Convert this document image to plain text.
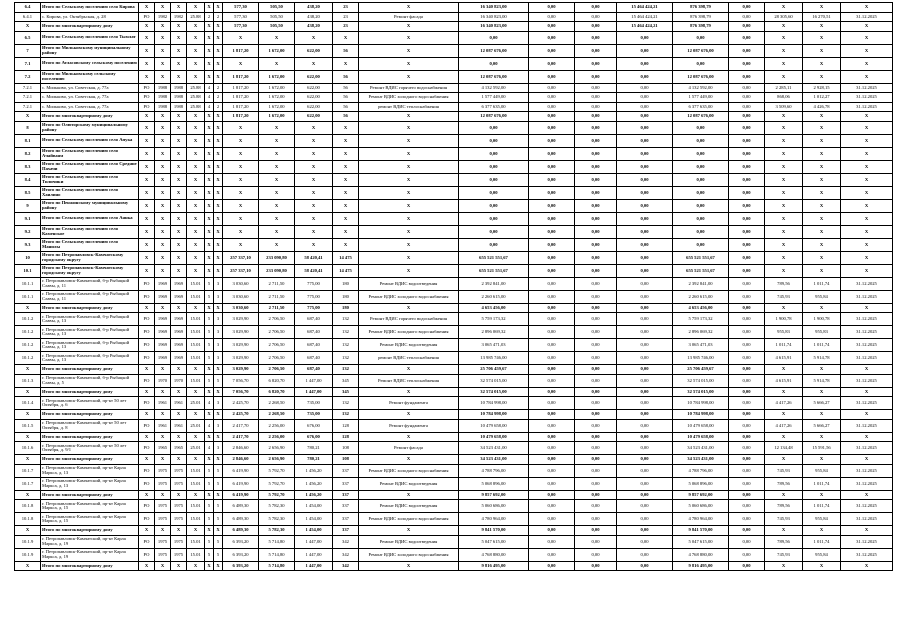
6.4	Итого по Сельскому поселению село Кирова	X	X	X	X	X	X	577,30	505,50	438,20	23	X	16 340 823,00	0,00	0,00	15 464 424,21	876 398,79	0,00	X	X	X
6.4.1	с. Кирова, ул. Октябрьская, д. 28	РО	1982	1982	25.88	2	2	577,30	505,50	438,20	23	Ремонт фасада	16 340 823,00	0,00	0,00	15 464 424,21	876 398,79	0,00	28 305,60	16 270,51	31.12.2025
X	Итого по многоквартирному дому	X	X	X	X	X	X	577,30	505,50	438,20	23	X	16 340 823,00	0,00	0,00	15 464 424,21	876 398,79	0,00	X	X	X
6.5	Итого по Сельскому поселению село Тымлат	X	X	X	X	X	X	X	X	X	X	X	0,00	0,00	0,00	0,00	0,00	0,00	X	X	X
7	Итого по Мильковскому муниципальному району	X	X	X	X	X	X	1 817,20	1 672,00	622,00	56	X	12 087 676,00	0,00	0,00	0,00	12 087 676,00	0,00	X	X	X
7.1	Итого по Атласовскому сельскому поселению	X	X	X	X	X	X	X	X	X	X	X	0,00	0,00	0,00	0,00	0,00	0,00	X	X	X
7.2	Итого по Мильковскому сельскому поселению	X	X	X	X	X	X	1 817,20	1 672,00	622,00	56	X	12 087 676,00	0,00	0,00	0,00	12 087 676,00	0,00	X	X	X
7.2.1	с. Мильково, ул. Советская, д. 77а	РО	1988	1988	25.88	4	2	1 817,20	1 672,00	622,00	56	Ремонт ВДИС горячего водоснабжения	4 132 592,00	0,00	0,00	0,00	4 132 592,00	0,00	2 285,11	2 928,15	31.12.2025
7.2.1	с. Мильково, ул. Советская, д. 77а	РО	1988	1988	25.88	4	2	1 817,20	1 672,00	622,00	56	Ремонт ВДИС холодного водоснабжения	1 577 449,00	0,00	0,00	0,00	1 577 449,00	0,00	868,06	1 012,27	31.12.2025
7.2.1	с. Мильково, ул. Советская, д. 77а	РО	1988	1988	25.88	4	2	1 817,20	1 672,00	622,00	56	ремонт ВДИС теплоснабжения	6 377 635,00	0,00	0,00	0,00	6 377 635,00	0,00	3 509,60	4 426,78	31.12.2025
X	Итого по многоквартирному дому	X	X	X	X	X	X	1 817,20	1 672,00	622,00	56	X	12 087 676,00	0,00	0,00	0,00	12 087 676,00	0,00	X	X	X
8	Итого по Олюторскому муниципальному району	X	X	X	X	X	X	X	X	X	X	X	0,00	0,00	0,00	0,00	0,00	0,00	X	X	X
8.1	Итого по Сельскому поселению село Апука	X	X	X	X	X	X	X	X	X	X	X	0,00	0,00	0,00	0,00	0,00	0,00	X	X	X
8.2	Итого по Сельскому поселению село Ачайваям	X	X	X	X	X	X	X	X	X	X	X	0,00	0,00	0,00	0,00	0,00	0,00	X	X	X
8.3	Итого по Сельскому поселению село Средние Пахачи	X	X	X	X	X	X	X	X	X	X	X	0,00	0,00	0,00	0,00	0,00	0,00	X	X	X
8.4	Итого по Сельскому поселению село Тиличики	X	X	X	X	X	X	X	X	X	X	X	0,00	0,00	0,00	0,00	0,00	0,00	X	X	X
8.5	Итого по Сельскому поселению село Хаилино	X	X	X	X	X	X	X	X	X	X	X	0,00	0,00	0,00	0,00	0,00	0,00	X	X	X
9	Итого по Пенжинскому муниципальному району	X	X	X	X	X	X	X	X	X	X	X	0,00	0,00	0,00	0,00	0,00	0,00	X	X	X
9.1	Итого по Сельскому поселению село Аянка	X	X	X	X	X	X	X	X	X	X	X	0,00	0,00	0,00	0,00	0,00	0,00	X	X	X
9.2	Итого по Сельскому поселению село Каменское	X	X	X	X	X	X	X	X	X	X	X	0,00	0,00	0,00	0,00	0,00	0,00	X	X	X
9.3	Итого по Сельскому поселению село Манилы	X	X	X	X	X	X	X	X	X	X	X	0,00	0,00	0,00	0,00	0,00	0,00	X	X	X
10	Итого по Петропавловск-Камчатскому городскому округу	X	X	X	X	X	X	257 337,10	233 090,80	58 420,41	14 475	X	655 521 551,67	0,00	0,00	0,00	655 521 551,67	0,00	X	X	X
10.1	Итого по Петропавловск-Камчатскому городскому округу	X	X	X	X	X	X	257 337,10	233 090,80	58 420,41	14 475	X	655 521 551,67	0,00	0,00	0,00	655 521 551,67	0,00	X	X	X
10.1.1	г. Петропавловск-Камчатский, б-р Рыбацкой Славы, д. 11	РО	1969	1969	15.01	5	3	3 030,60	2 711,50	775,00	180	Ремонт ВДИС водоотведения	2 392 841,00	0,00	0,00	0,00	2 392 841,00	0,00	789,56	1 011,74	31.12.2025
10.1.1	г. Петропавловск-Камчатский, б-р Рыбацкой Славы, д. 11	РО	1969	1969	15.01	5	3	3 030,60	2 711,50	775,00	180	Ремонт ВДИС холодного водоснабжения	2 260 615,00	0,00	0,00	0,00	2 260 615,00	0,00	745,93	955,84	31.12.2025
X	Итого по многоквартирному дому	X	X	X	X	X	X	3 030,60	2 711,50	775,00	180	X	4 653 456,00	0,00	0,00	0,00	4 653 456,00	0,00	X	X	X
10.1.2	г. Петропавловск-Камчатский, б-р Рыбацкой Славы, д. 13	РО	1969	1969	15.01	5	3	3 029,90	2 706,50	687,40	132	Ремонт ВДИС горячего водоснабжения	5 759 173,32	0,00	0,00	0,00	5 759 173,32	0,00	1 900,78	1 900,78	31.12.2025
10.1.2	г. Петропавловск-Камчатский, б-р Рыбацкой Славы, д. 13	РО	1969	1969	15.01	5	3	3 029,90	2 706,50	687,40	132	Ремонт ВДИС холодного водоснабжения	2 896 069,32	0,00	0,00	0,00	2 896 069,32	0,00	955,83	955,83	31.12.2025
10.1.2	г. Петропавловск-Камчатский, б-р Рыбацкой Славы, д. 13	РО	1969	1969	15.01	5	3	3 029,90	2 706,50	687,40	132	Ремонт ВДИС водоотведения	3 065 471,03	0,00	0,00	0,00	3 065 471,03	0,00	1 011,74	1 011,74	31.12.2025
10.1.2	г. Петропавловск-Камчатский, б-р Рыбацкой Славы, д. 13	РО	1969	1969	15.01	5	3	3 029,90	2 706,50	687,40	132	ремонт ВДИС теплоснабжения	13 985 746,00	0,00	0,00	0,00	13 985 746,00	0,00	4 615,91	5 914,78	31.12.2025
X	Итого по многоквартирному дому	X	X	X	X	X	X	3 029,90	2 706,50	687,40	132	X	25 706 459,67	0,00	0,00	0,00	25 706 459,67	0,00	X	X	X
10.1.3	г. Петропавловск-Камчатский, б-р Рыбацкой Славы, д. 5	РО	1970	1970	15.01	5	5	7 056,70	6 820,70	1 447,00	345	Ремонт ВДИС теплоснабжения	32 574 015,00	0,00	0,00	0,00	32 574 015,00	0,00	4 615,91	5 914,78	31.12.2025
X	Итого по многоквартирному дому	X	X	X	X	X	X	7 056,70	6 820,70	1 447,00	345	X	32 574 015,00	0,00	0,00	0,00	32 574 015,00	0,00	X	X	X
10.1.4	г. Петропавловск-Камчатский, пр-кт 50 лет Октября, д. 6	РО	1961	1961	25.01	4	3	2 425,70	2 268,50	735,00	132	Ремонт фундамента	10 784 998,00	0,00	0,00	0,00	10 784 998,00	0,00	4 417,26	5 666,27	31.12.2025
X	Итого по многоквартирному дому	X	X	X	X	X	X	2 425,70	2 268,50	735,00	132	X	10 784 998,00	0,00	0,00	0,00	10 784 998,00	0,00	X	X	X
10.1.5	г. Петропавловск-Камчатский, пр-кт 50 лет Октября, д. 8	РО	1961	1961	25.01	4	3	2 417,70	2 256,00	676,00	128	Ремонт фундамента	10 479 658,00	0,00	0,00	0,00	10 479 658,00	0,00	4 417,26	5 666,27	31.12.2025
X	Итого по многоквартирному дому	X	X	X	X	X	X	2 417,70	2 256,00	676,00	128	X	10 479 658,00	0,00	0,00	0,00	10 479 658,00	0,00	X	X	X
10.1.6	г. Петропавловск-Камчатский, пр-кт 50 лет Октября, д. 9/1	РО	1965	1965	25.01	4	3	2 846,60	2 656,90	780,21	108	Ремонт фасада	34 523 431,00	0,00	0,00	0,00	34 523 431,00	0,00	12 134,48	15 591,56	31.12.2025
X	Итого по многоквартирному дому	X	X	X	X	X	X	2 846,60	2 656,90	780,21	108	X	34 523 431,00	0,00	0,00	0,00	34 523 431,00	0,00	X	X	X
10.1.7	г. Петропавловск-Камчатский, пр-кт Карла Маркса, д. 13	РО	1975	1975	15.01	5	5	6 419,90	5 792,70	1 456,20	337	Ремонт ВДИС холодного водоснабжения	4 788 796,00	0,00	0,00	0,00	4 788 796,00	0,00	745,93	955,84	31.12.2025
10.1.7	г. Петропавловск-Камчатский, пр-кт Карла Маркса, д. 13	РО	1975	1975	15.01	5	5	6 419,90	5 792,70	1 456,20	337	Ремонт ВДИС водоотведения	5 068 896,00	0,00	0,00	0,00	5 068 896,00	0,00	789,56	1 011,74	31.12.2025
X	Итого по многоквартирному дому	X	X	X	X	X	X	6 419,90	5 792,70	1 456,20	337	X	9 857 692,00	0,00	0,00	0,00	9 857 692,00	0,00	X	X	X
10.1.8	г. Петропавловск-Камчатский, пр-кт Карла Маркса, д. 15	РО	1975	1975	15.01	5	5	6 489,30	5 782,30	1 454,00	337	Ремонт ВДИС водоотведения	5 060 686,00	0,00	0,00	0,00	5 060 686,00	0,00	789,56	1 011,74	31.12.2025
10.1.8	г. Петропавловск-Камчатский, пр-кт Карла Маркса, д. 15	РО	1975	1975	15.01	5	5	6 489,30	5 782,30	1 454,00	337	Ремонт ВДИС холодного водоснабжения	4 780 964,00	0,00	0,00	0,00	4 780 964,00	0,00	745,93	955,84	31.12.2025
X	Итого по многоквартирному дому	X	X	X	X	X	X	6 489,30	5 782,30	1 454,00	337	X	9 841 570,00	0,00	0,00	0,00	9 841 570,00	0,00	X	X	X
10.1.9	г. Петропавловск-Камчатский, пр-кт Карла Маркса, д. 19	РО	1975	1975	15.01	5	5	6 393,20	5 714,80	1 447,00	342	Ремонт ВДИС водоотведения	5 047 615,00	0,00	0,00	0,00	5 047 615,00	0,00	789,56	1 011,74	31.12.2025
10.1.9	г. Петропавловск-Камчатский, пр-кт Карла Маркса, д. 19	РО	1975	1975	15.01	5	5	6 393,20	5 714,80	1 447,00	342	Ремонт ВДИС холодного водоснабжения	4 768 880,00	0,00	0,00	0,00	4 768 880,00	0,00	745,93	955,84	31.12.2025
X	Итого по многоквартирному дому	X	X	X	X	X	X	6 393,20	5 714,80	1 447,00	342	X	9 816 495,00	0,00	0,00	0,00	9 816 495,00	0,00	X	X	X
